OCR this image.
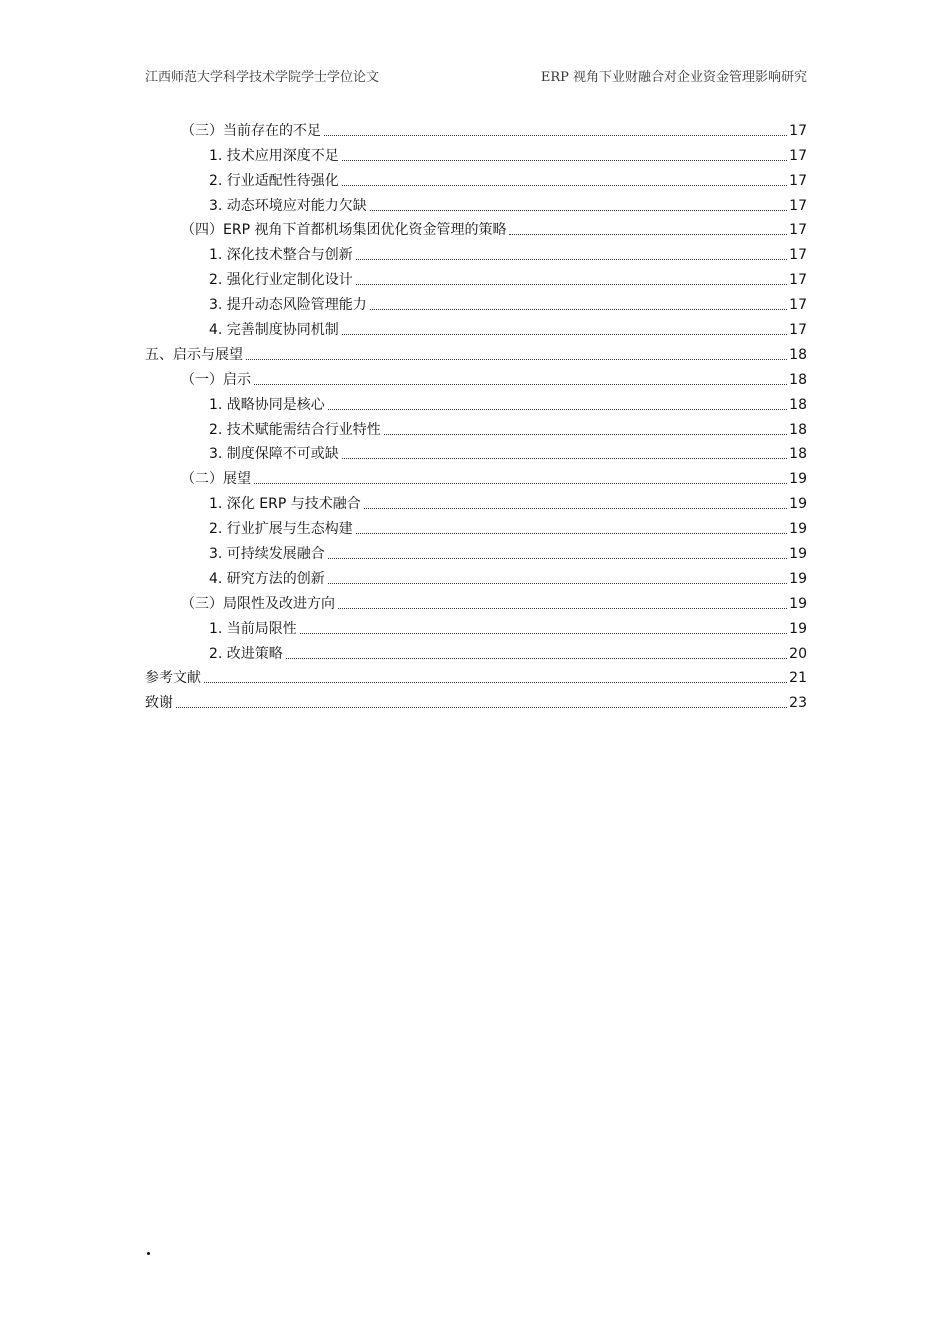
江西师范大学科学技术学院学士学位论文	ERP 视角下业财融合对企业资金管理影响研究
（三）当前存在的不足	17
1. 技术应用深度不足	17
2. 行业适配性待强化	17
3. 动态环境应对能力欠缺	17
（四）ERP 视角下首都机场集团优化资金管理的策略	17
1. 深化技术整合与创新	17
2. 强化行业定制化设计	17
3. 提升动态风险管理能力	17
4. 完善制度协同机制	17
五、启示与展望	18
（一）启示	18
1. 战略协同是核心	18
2. 技术赋能需结合行业特性	18
3. 制度保障不可或缺	18
（二）展望	19
1. 深化 ERP 与技术融合	19
2. 行业扩展与生态构建	19
3. 可持续发展融合	19
4. 研究方法的创新	19
（三）局限性及改进方向	19
1. 当前局限性	19
2. 改进策略	20
参考文献	21
致谢	23
